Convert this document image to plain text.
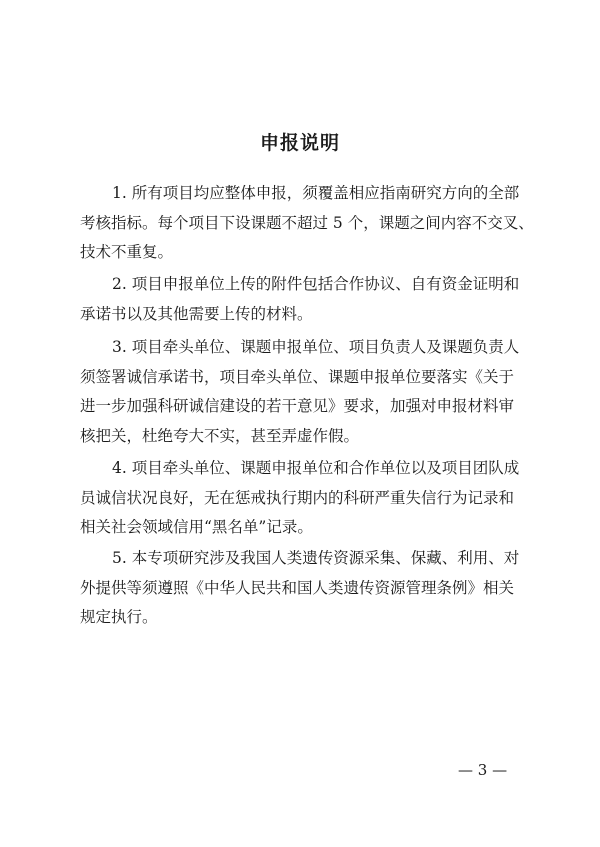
申报说明
1. 所有项目均应整体申报，须覆盖相应指南研究方向的全部
考核指标。每个项目下设课题不超过 5 个，课题之间内容不交叉、
技术不重复。
2. 项目申报单位上传的附件包括合作协议、自有资金证明和
承诺书以及其他需要上传的材料。
3. 项目牵头单位、课题申报单位、项目负责人及课题负责人
须签署诚信承诺书，项目牵头单位、课题申报单位要落实《关于
进一步加强科研诚信建设的若干意见》要求，加强对申报材料审
核把关，杜绝夸大不实，甚至弄虚作假。
4. 项目牵头单位、课题申报单位和合作单位以及项目团队成
员诚信状况良好，无在惩戒执行期内的科研严重失信行为记录和
相关社会领域信用“黑名单”记录。
5. 本专项研究涉及我国人类遗传资源采集、保藏、利用、对
外提供等须遵照《中华人民共和国人类遗传资源管理条例》相关
规定执行。
— 3 —
